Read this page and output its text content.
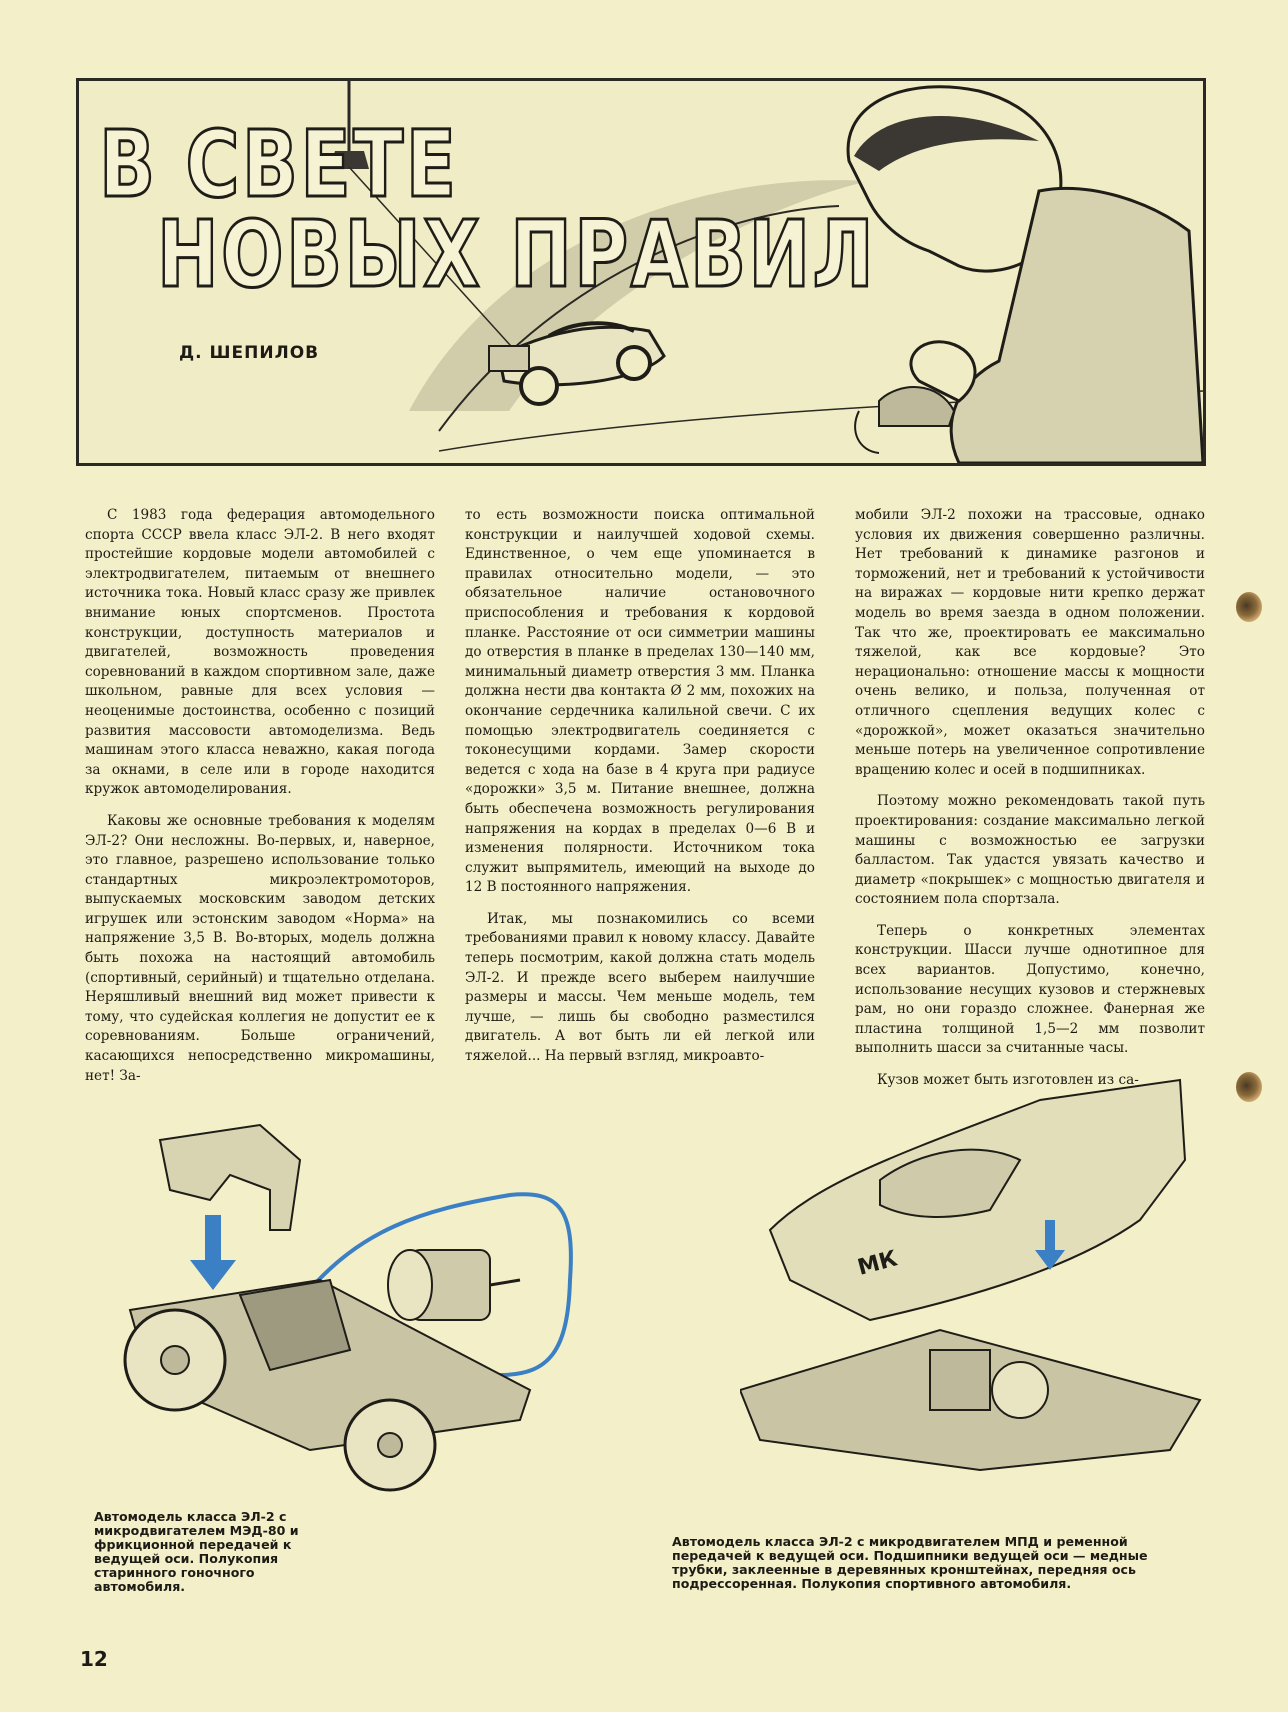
В СВЕТЕ
НОВЫХ ПРАВИЛ
Д. ШЕПИЛОВ

С 1983 года федерация автомодельного спорта СССР ввела класс ЭЛ-2. В него входят простейшие кордовые модели автомобилей с электродвигателем, питаемым от внешнего источника тока. Новый класс сразу же привлек внимание юных спортсменов. Простота конструкции, доступность материалов и двигателей, возможность проведения соревнований в каждом спортивном зале, даже школьном, равные для всех условия — неоценимые достоинства, особенно с позиций развития массовости автомоделизма. Ведь машинам этого класса неважно, какая погода за окнами, в селе или в городе находится кружок автомоделирования.

Каковы же основные требования к моделям ЭЛ-2? Они несложны. Во-первых, и, наверное, это главное, разрешено использование только стандартных микроэлектромоторов, выпускаемых московским заводом детских игрушек или эстонским заводом «Норма» на напряжение 3,5 В. Во-вторых, модель должна быть похожа на настоящий автомобиль (спортивный, серийный) и тщательно отделана. Неряшливый внешний вид может привести к тому, что судейская коллегия не допустит ее к соревнованиям. Больше ограничений, касающихся непосредственно микромашины, нет! За-

то есть возможности поиска оптимальной конструкции и наилучшей ходовой схемы. Единственное, о чем еще упоминается в правилах относительно модели, — это обязательное наличие остановочного приспособления и требования к кордовой планке. Расстояние от оси симметрии машины до отверстия в планке в пределах 130—140 мм, минимальный диаметр отверстия 3 мм. Планка должна нести два контакта Ø 2 мм, похожих на окончание сердечника калильной свечи. С их помощью электродвигатель соединяется с токонесущими кордами. Замер скорости ведется с хода на базе в 4 круга при радиусе «дорожки» 3,5 м. Питание внешнее, должна быть обеспечена возможность регулирования напряжения на кордах в пределах 0—6 В и изменения полярности. Источником тока служит выпрямитель, имеющий на выходе до 12 В постоянного напряжения.

Итак, мы познакомились со всеми требованиями правил к новому классу. Давайте теперь посмотрим, какой должна стать модель ЭЛ-2. И прежде всего выберем наилучшие размеры и массы. Чем меньше модель, тем лучше, — лишь бы свободно разместился двигатель. А вот быть ли ей легкой или тяжелой... На первый взгляд, микроавто-

мобили ЭЛ-2 похожи на трассовые, однако условия их движения совершенно различны. Нет требований к динамике разгонов и торможений, нет и требований к устойчивости на виражах — кордовые нити крепко держат модель во время заезда в одном положении. Так что же, проектировать ее максимально тяжелой, как все кордовые? Это нерационально: отношение массы к мощности очень велико, и польза, полученная от отличного сцепления ведущих колес с «дорожкой», может оказаться значительно меньше потерь на увеличенное сопротивление вращению колес и осей в подшипниках.

Поэтому можно рекомендовать такой путь проектирования: создание максимально легкой машины с возможностью ее загрузки балластом. Так удастся увязать качество и диаметр «покрышек» с мощностью двигателя и состоянием пола спортзала.

Теперь о конкретных элементах конструкции. Шасси лучше однотипное для всех вариантов. Допустимо, конечно, использование несущих кузовов и стержневых рам, но они гораздо сложнее. Фанерная же пластина толщиной 1,5—2 мм позволит выполнить шасси за считанные часы.

Кузов может быть изготовлен из са-

МК
Автомодель класса ЭЛ-2 с микродвигателем МЭД-80 и фрикционной передачей к ведущей оси. Полукопия старинного гоночного автомобиля.
Автомодель класса ЭЛ-2 с микродвигателем МПД и ременной передачей к ведущей оси. Подшипники ведущей оси — медные трубки, заклеенные в деревянных кронштейнах, передняя ось подрессоренная. Полукопия спортивного автомобиля.
12
